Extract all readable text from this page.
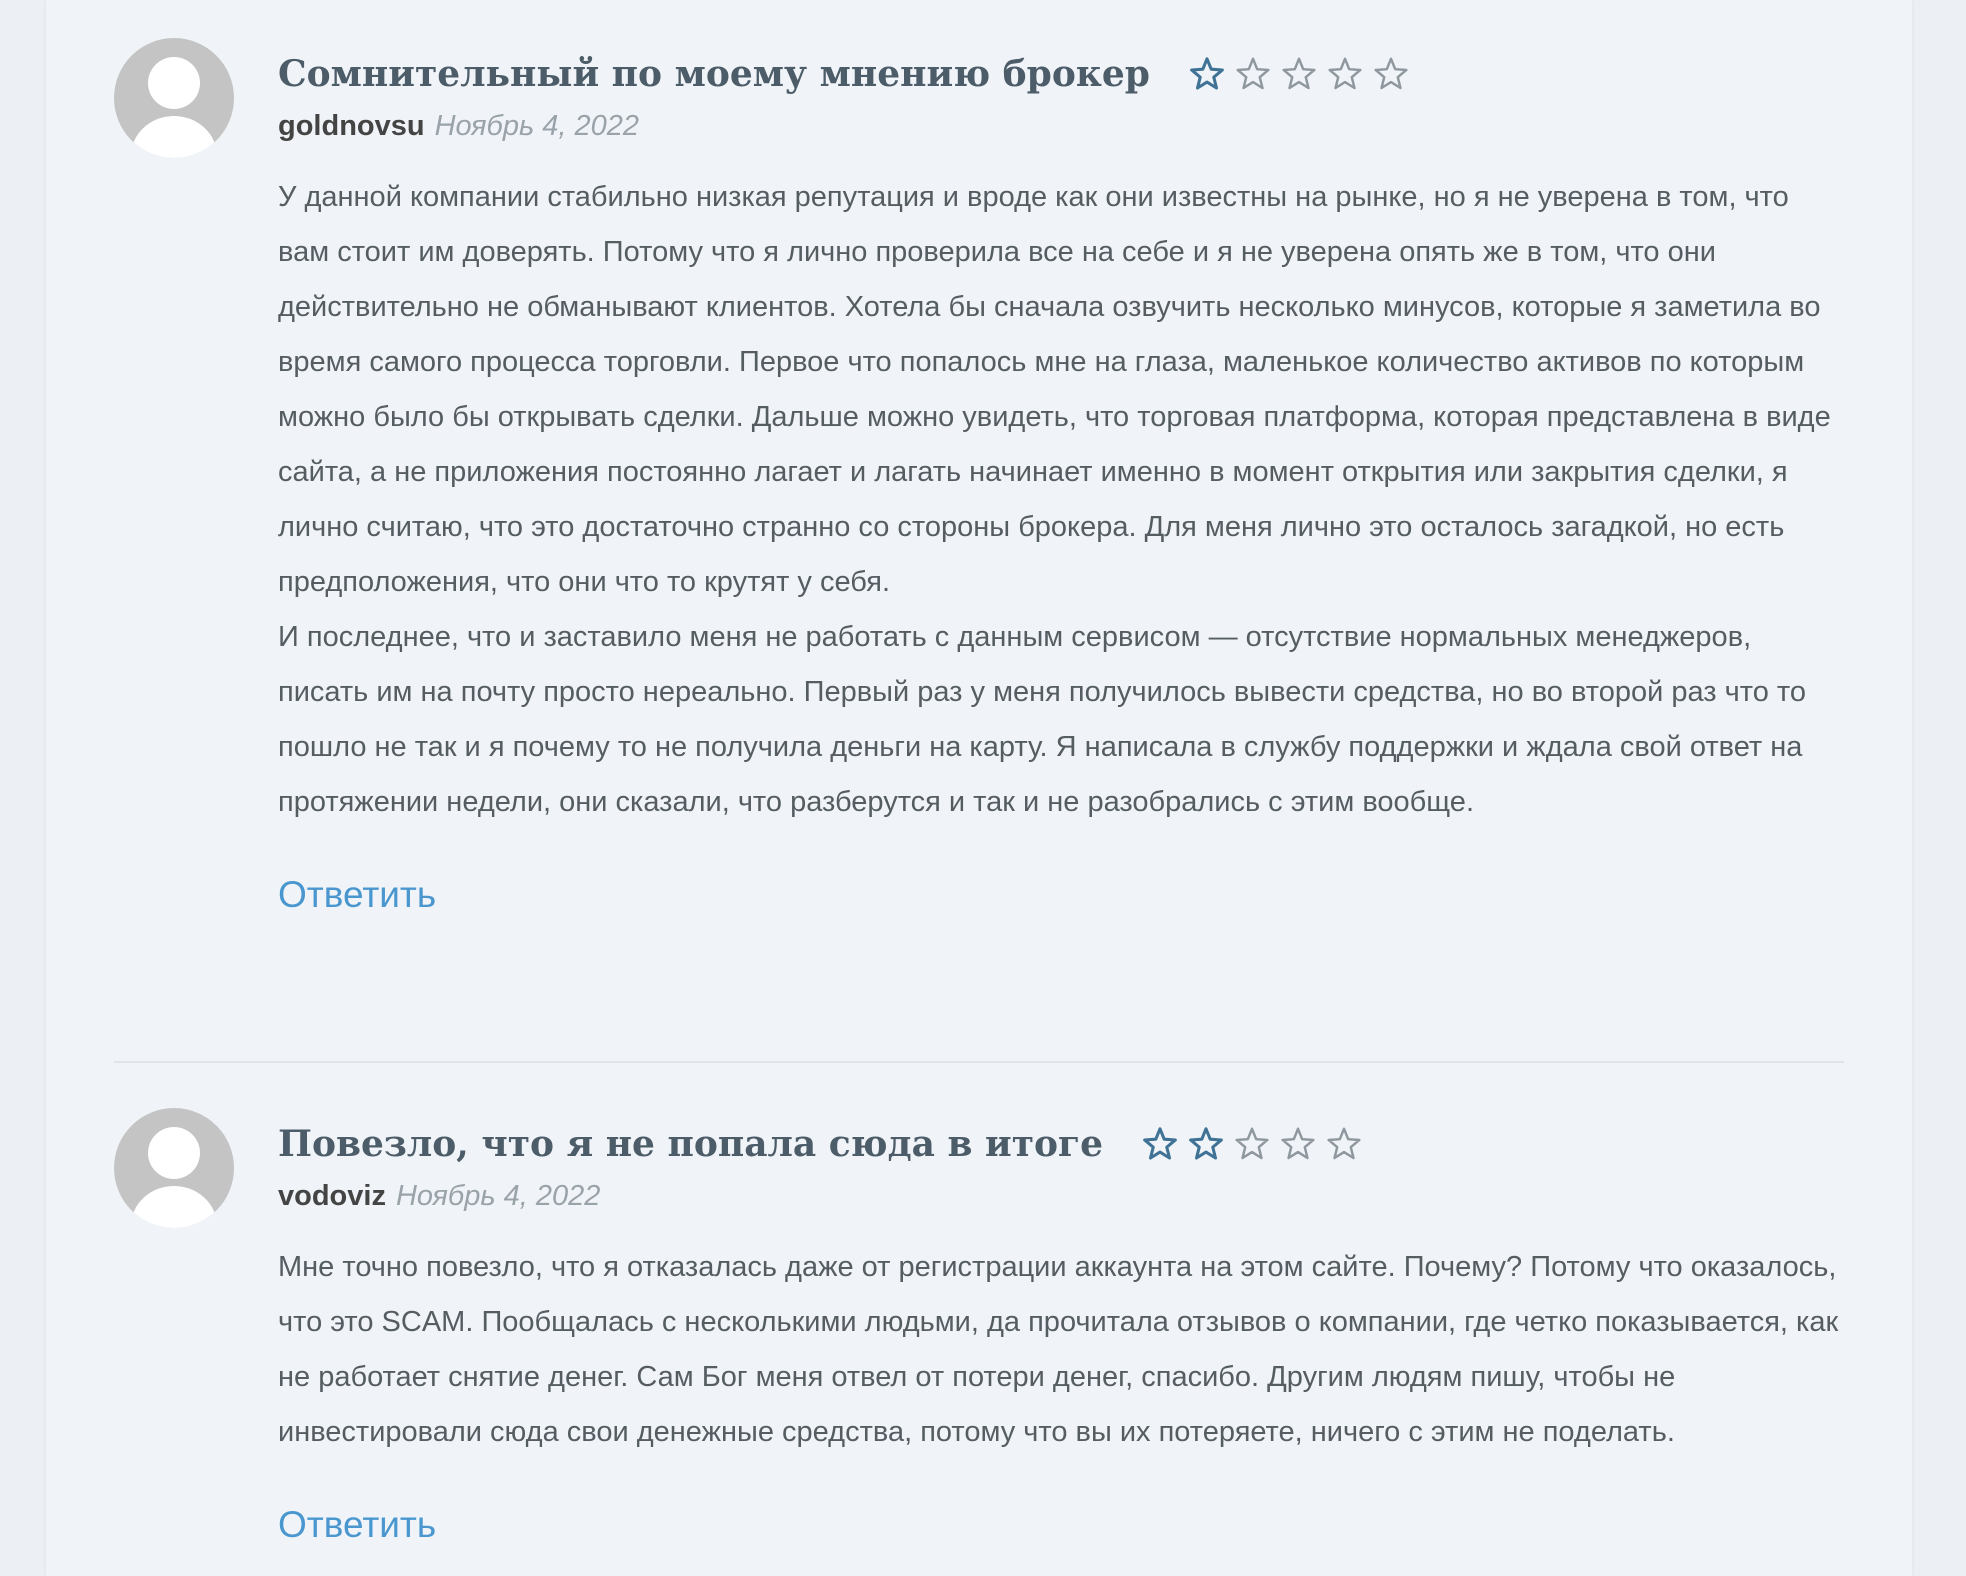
Сомнительный по моему мнению брокер
goldnovsu Ноябрь 4, 2022

У данной компании стабильно низкая репутация и вроде как они известны на рынке, но я не уверена в том, что вам стоит им доверять. Потому что я лично проверила все на себе и я не уверена опять же в том, что они действительно не обманывают клиентов. Хотела бы сначала озвучить несколько минусов, которые я заметила во время самого процесса торговли. Первое что попалось мне на глаза, маленькое количество активов по которым можно было бы открывать сделки. Дальше можно увидеть, что торговая платформа, которая представлена в виде сайта, а не приложения постоянно лагает и лагать начинает именно в момент открытия или закрытия сделки, я лично считаю, что это достаточно странно со стороны брокера. Для меня лично это осталось загадкой, но есть предположения, что они что то крутят у себя.

И последнее, что и заставило меня не работать с данным сервисом — отсутствие нормальных менеджеров, писать им на почту просто нереально. Первый раз у меня получилось вывести средства, но во второй раз что то пошло не так и я почему то не получила деньги на карту. Я написала в службу поддержки и ждала свой ответ на протяжении недели, они сказали, что разберутся и так и не разобрались с этим вообще.

Ответить
Повезло, что я не попала сюда в итоге
vodoviz Ноябрь 4, 2022

Мне точно повезло, что я отказалась даже от регистрации аккаунта на этом сайте. Почему? Потому что оказалось, что это SCAM. Пообщалась с несколькими людьми, да прочитала отзывов о компании, где четко показывается, как не работает снятие денег. Сам Бог меня отвел от потери денег, спасибо. Другим людям пишу, чтобы не инвестировали сюда свои денежные средства, потому что вы их потеряете, ничего с этим не поделать.

Ответить
